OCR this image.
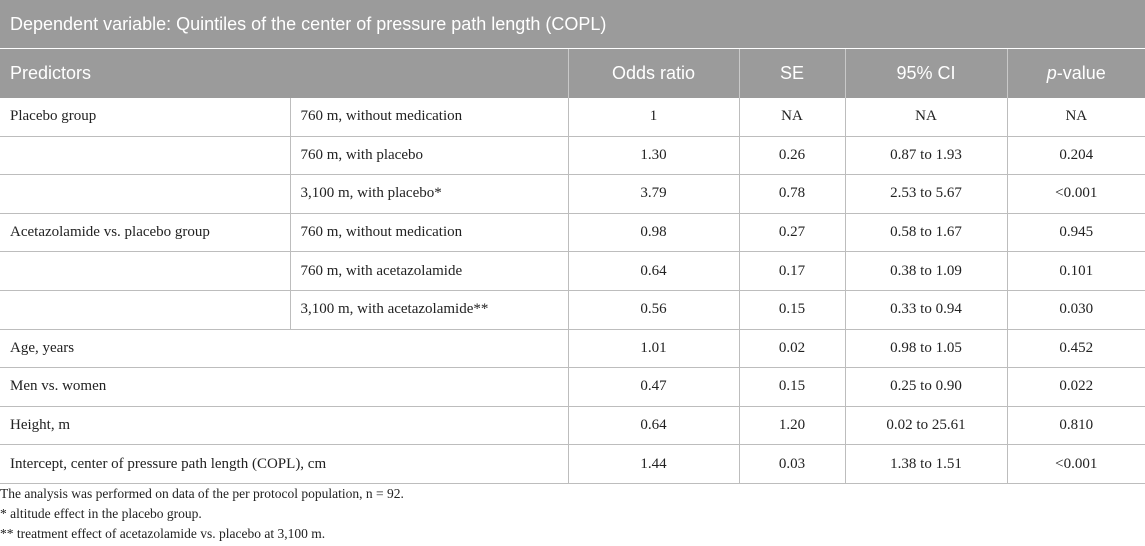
Dependent variable: Quintiles of the center of pressure path length (COPL)					
Predictors		Odds ratio	SE	95% CI	p-value
Placebo group	760 m, without medication	1	NA	NA	NA
	760 m, with placebo	1.30	0.26	0.87 to 1.93	0.204
	3,100 m, with placebo*	3.79	0.78	2.53 to 5.67	<0.001
Acetazolamide vs. placebo group	760 m, without medication	0.98	0.27	0.58 to 1.67	0.945
	760 m, with acetazolamide	0.64	0.17	0.38 to 1.09	0.101
	3,100 m, with acetazolamide**	0.56	0.15	0.33 to 0.94	0.030
Age, years		1.01	0.02	0.98 to 1.05	0.452
Men vs. women		0.47	0.15	0.25 to 0.90	0.022
Height, m		0.64	1.20	0.02 to 25.61	0.810
Intercept, center of pressure path length (COPL), cm		1.44	0.03	1.38 to 1.51	<0.001
The analysis was performed on data of the per protocol population, n = 92.
* altitude effect in the placebo group.
** treatment effect of acetazolamide vs. placebo at 3,100 m.
